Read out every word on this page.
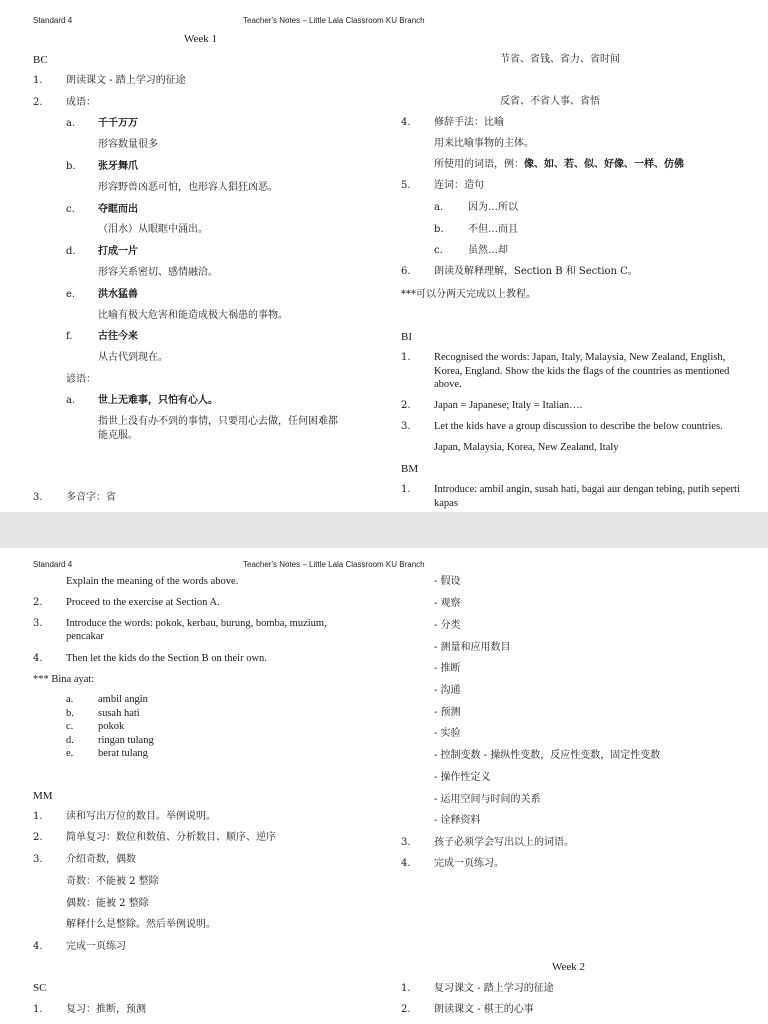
Standard 4	Teacher's Notes – Little Lala Classroom KU Branch
Week 1
BC
1. 朗读课文 - 踏上学习的征途
2. 成语：
a. 千千万万
形容数量很多
b. 张牙舞爪
形容野兽凶恶可怕，也形容人猖狂凶恶。
c. 夺眶而出
（泪水）从眼眶中涌出。
d. 打成一片
形容关系密切、感情融洽。
e. 洪水猛兽
比喻有极大危害和能造成极大祸患的事物。
f.	古往今来
从古代到现在。
谚语：
a. 世上无难事，只怕有心人。
指世上没有办不到的事情，只要用心去做，任何困难都
能克服。
3. 多音字：省
节省、省钱、省力、省时间
反省、不省人事、省悟
4. 修辞手法：比喻
用来比喻事物的主体。
所使用的词语，例：像、如、若、似、好像、一样、仿佛
5. 连词：造句
a. 因为…所以
b. 不但…而且
c.	虽然…却
6. 朗读及解释理解，Section B 和 Section C。
***可以分两天完成以上教程。
BI
1. Recognised the words: Japan, Italy, Malaysia, New Zealand, English, Korea, England. Show the kids the flags of the countries as mentioned above.
2. Japan = Japanese; Italy = Italian….
3. Let the kids have a group discussion to describe the below countries.
Japan, Malaysia, Korea, New Zealand, Italy
BM
1. Introduce: ambil angin, susah hati, bagai aur dengan tebing, putih seperti kapas
Standard 4	Teacher's Notes – Little Lala Classroom KU Branch
Explain the meaning of the words above.
2. Proceed to the exercise at Section A.
3. Introduce the words: pokok, kerbau, burung, bomba, muzium, pencakar
4. Then let the kids do the Section B on their own.
*** Bina ayat:
a. ambil angin
b. susah hati
c. pokok
d. ringan tulang
e. berat tulang
MM
1. 读和写出万位的数目。举例说明。
2. 简单复习：数位和数值、分析数目、顺序、逆序
3. 介绍奇数，偶数
奇数：不能被 2 整除
偶数：能被 2 整除
解释什么是整除。然后举例说明。
4. 完成一页练习
SC
1. 复习：推断，预测
- 假设
- 观察
- 分类
- 测量和应用数目
- 推断
- 沟通
- 预测
- 实验
- 控制变数 - 操纵性变数，反应性变数，固定性变数
- 操作性定义
- 运用空间与时间的关系
- 诠释资料
3. 孩子必须学会写出以上的词语。
4. 完成一页练习。
Week 2
1. 复习课文 - 踏上学习的征途
2. 朗读课文 - 棋王的心事
